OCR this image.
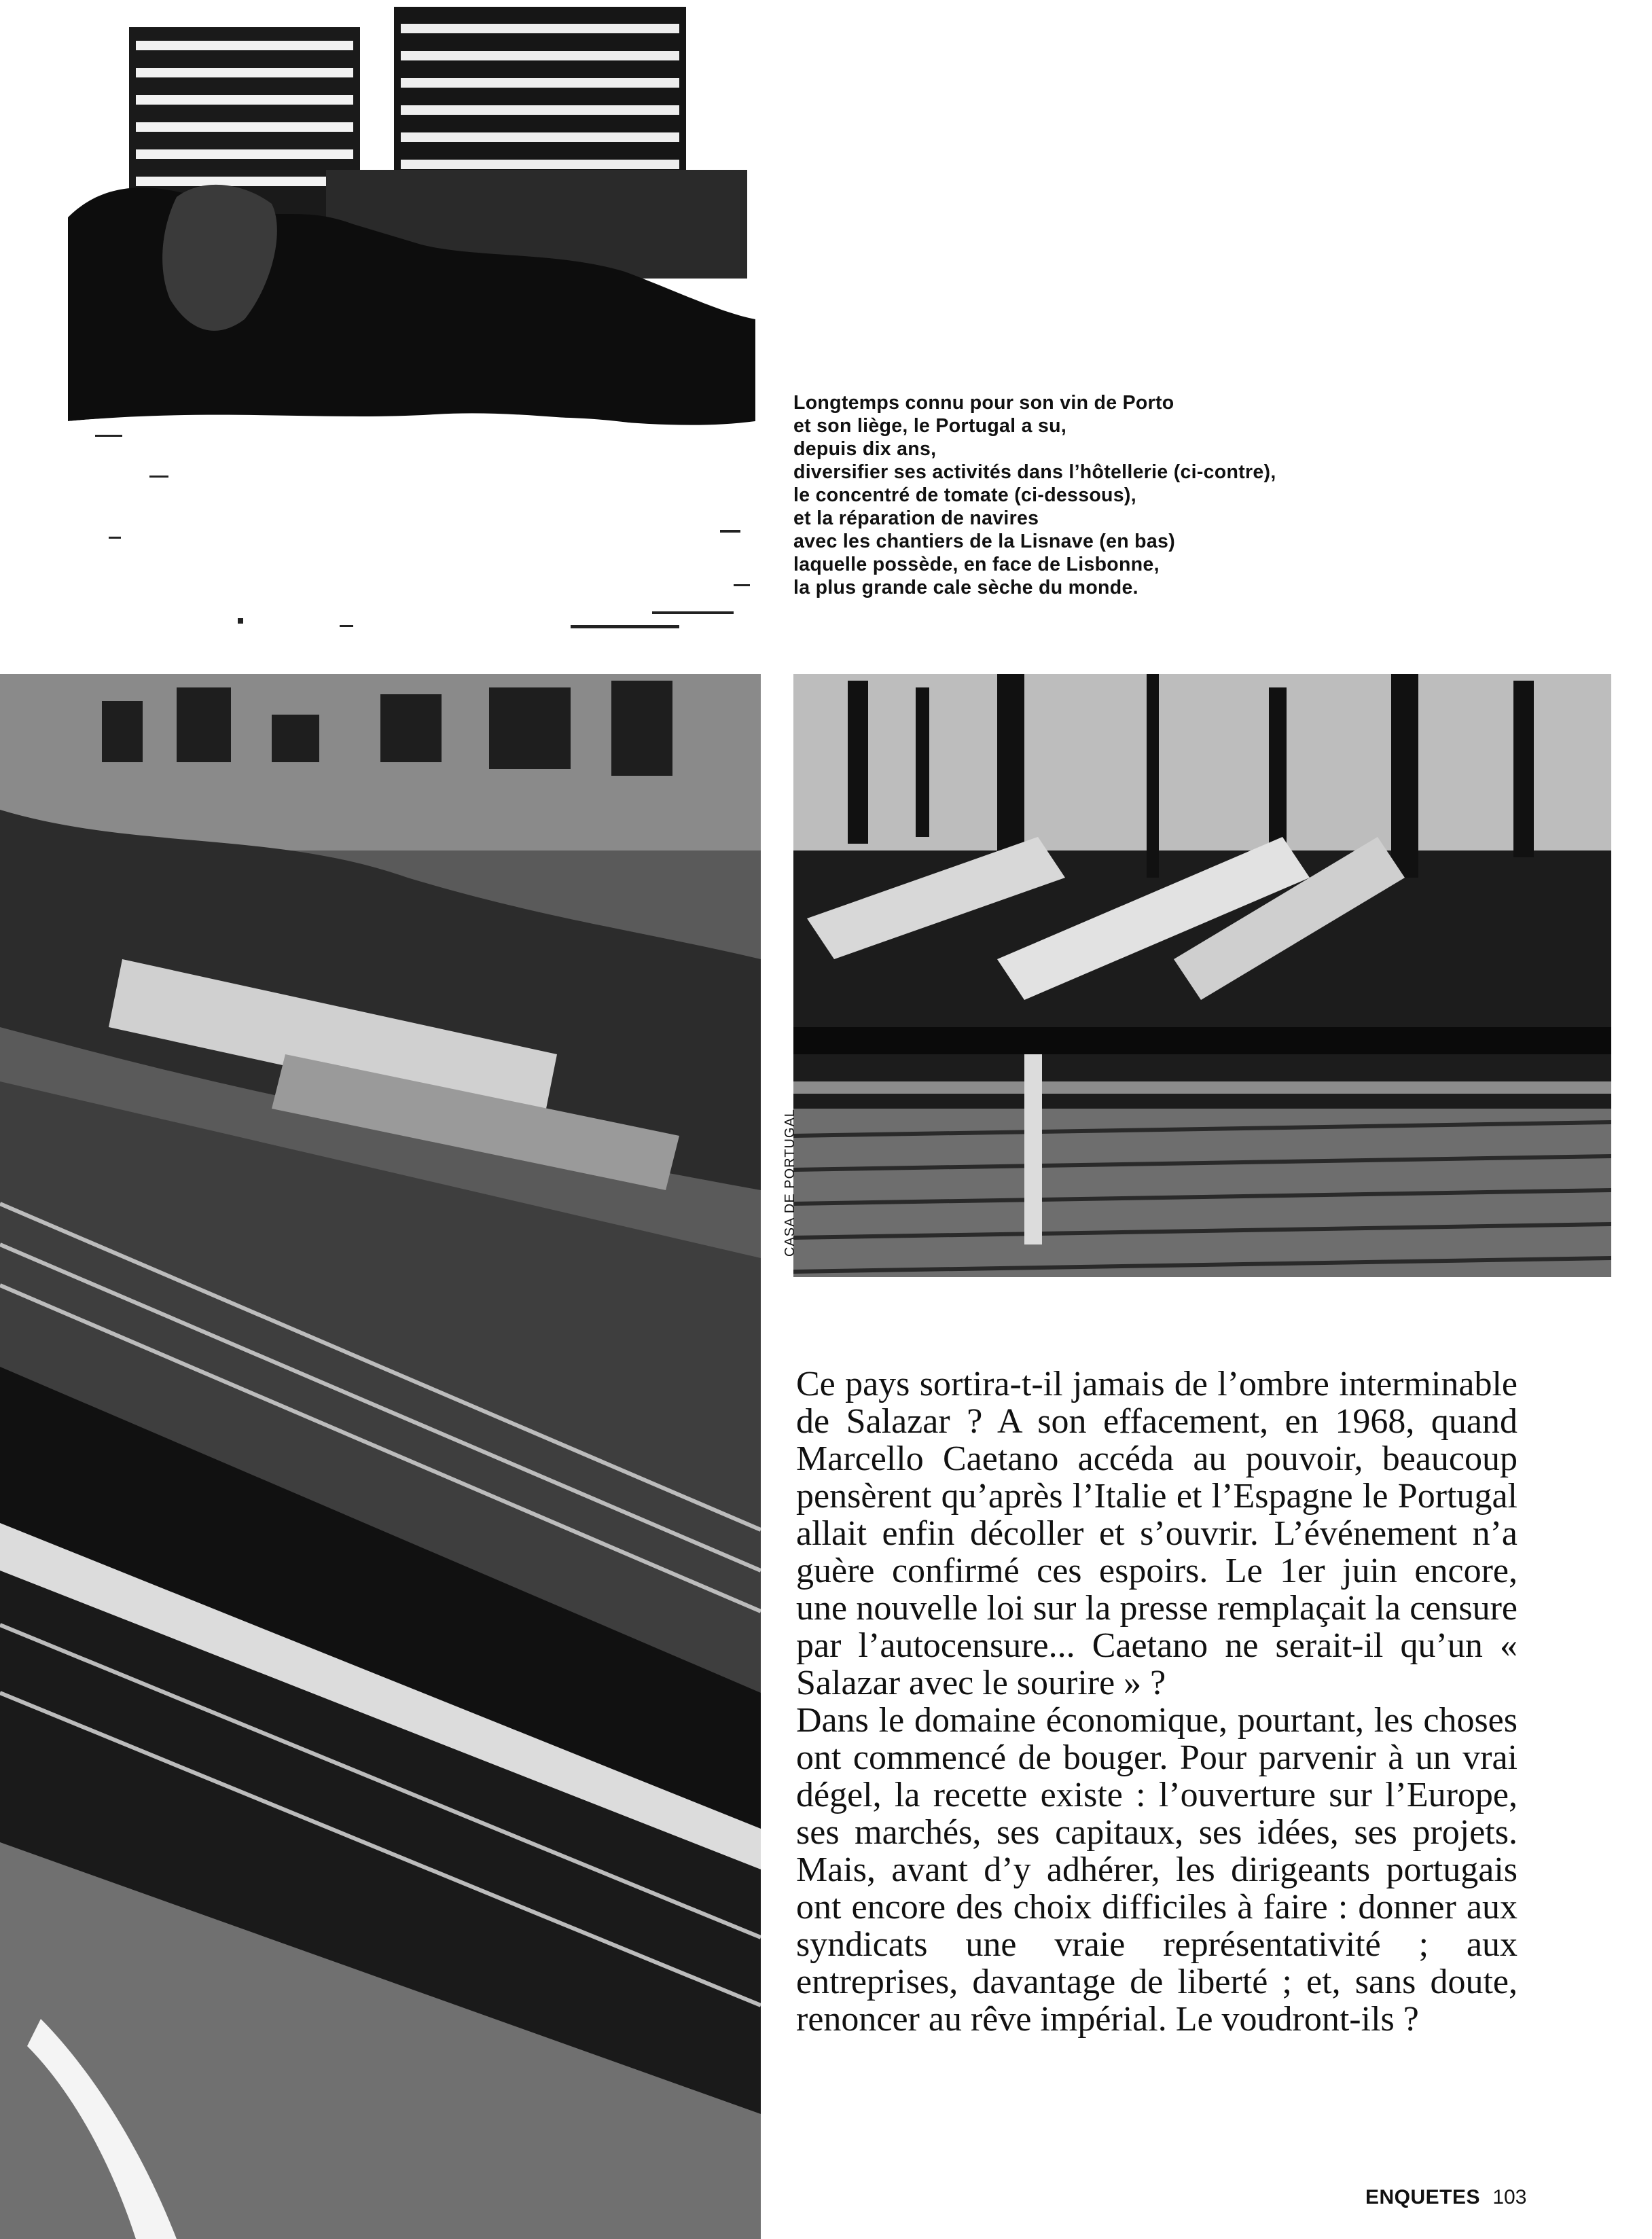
Longtemps connu pour son vin de Porto
et son liège, le Portugal a su,
depuis dix ans,
diversifier ses activités dans l’hôtellerie (ci-contre),
le concentré de tomate (ci-dessous),
et la réparation de navires
avec les chantiers de la Lisnave (en bas)
laquelle possède, en face de Lisbonne,
la plus grande cale sèche du monde.
CASA DE PORTUGAL

Ce pays sortira-t-il jamais de l’ombre interminable de Salazar ? A son effacement, en 1968, quand Marcello Caetano accéda au pouvoir, beaucoup pensèrent qu’après l’Italie et l’Espagne le Portugal allait enfin décoller et s’ouvrir. L’événement n’a guère confirmé ces espoirs. Le 1er juin encore, une nouvelle loi sur la presse remplaçait la censure par l’autocensure... Caetano ne serait-il qu’un « Salazar avec le sourire » ?

Dans le domaine économique, pourtant, les choses ont commencé de bouger. Pour parvenir à un vrai dégel, la recette existe : l’ouverture sur l’Europe, ses marchés, ses capitaux, ses idées, ses projets. Mais, avant d’y adhérer, les dirigeants portugais ont encore des choix difficiles à faire : donner aux syndicats une vraie représentativité ; aux entreprises, davantage de liberté ; et, sans doute, renoncer au rêve impérial. Le voudront-ils ?

ENQUETES 103
